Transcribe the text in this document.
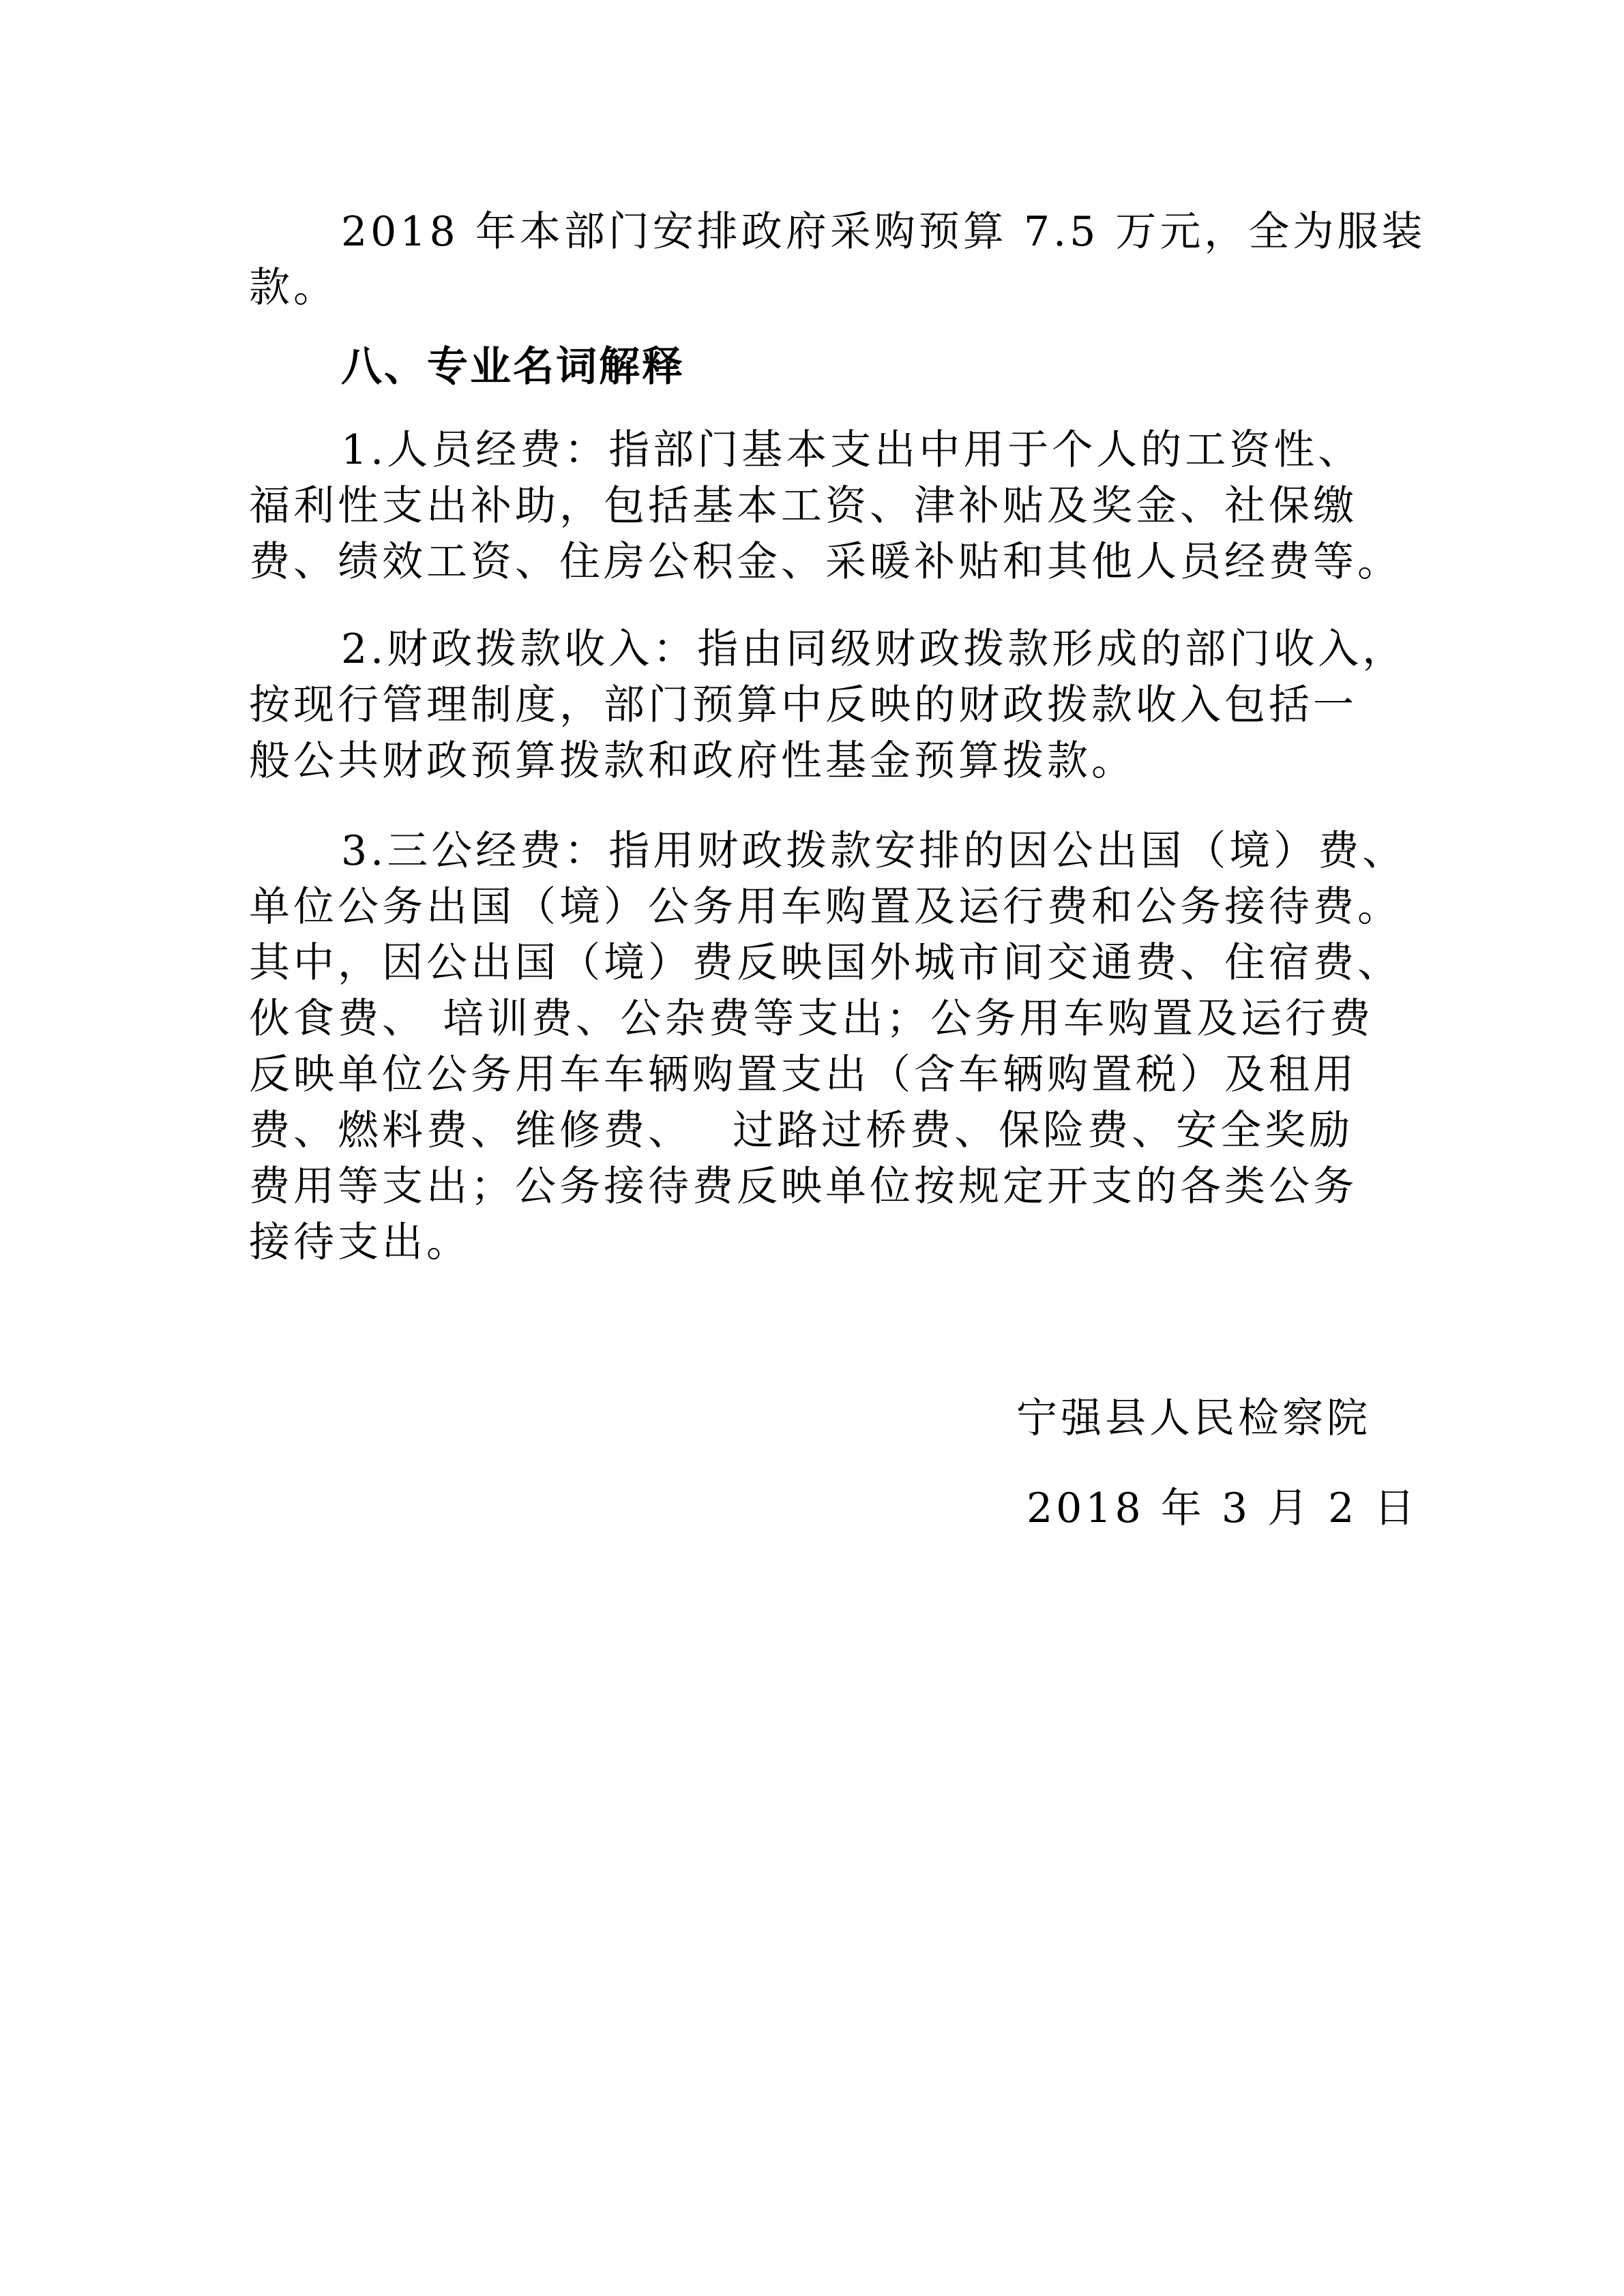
2018 年本部门安排政府采购预算 7.5 万元，全为服装
款。
八、专业名词解释
1.人员经费：指部门基本支出中用于个人的工资性、
福利性支出补助，包括基本工资、津补贴及奖金、社保缴
费、绩效工资、住房公积金、采暖补贴和其他人员经费等。
2.财政拨款收入：指由同级财政拨款形成的部门收入，
按现行管理制度，部门预算中反映的财政拨款收入包括一
般公共财政预算拨款和政府性基金预算拨款。
3.三公经费：指用财政拨款安排的因公出国（境）费、
单位公务出国（境）公务用车购置及运行费和公务接待费。
其中，因公出国（境）费反映国外城市间交通费、住宿费、
伙食费、 培训费、公杂费等支出；公务用车购置及运行费
反映单位公务用车车辆购置支出（含车辆购置税）及租用
费、燃料费、维修费、　 过路过桥费、保险费、安全奖励
费用等支出；公务接待费反映单位按规定开支的各类公务
接待支出。
宁强县人民检察院
2018 年 3 月 2 日
